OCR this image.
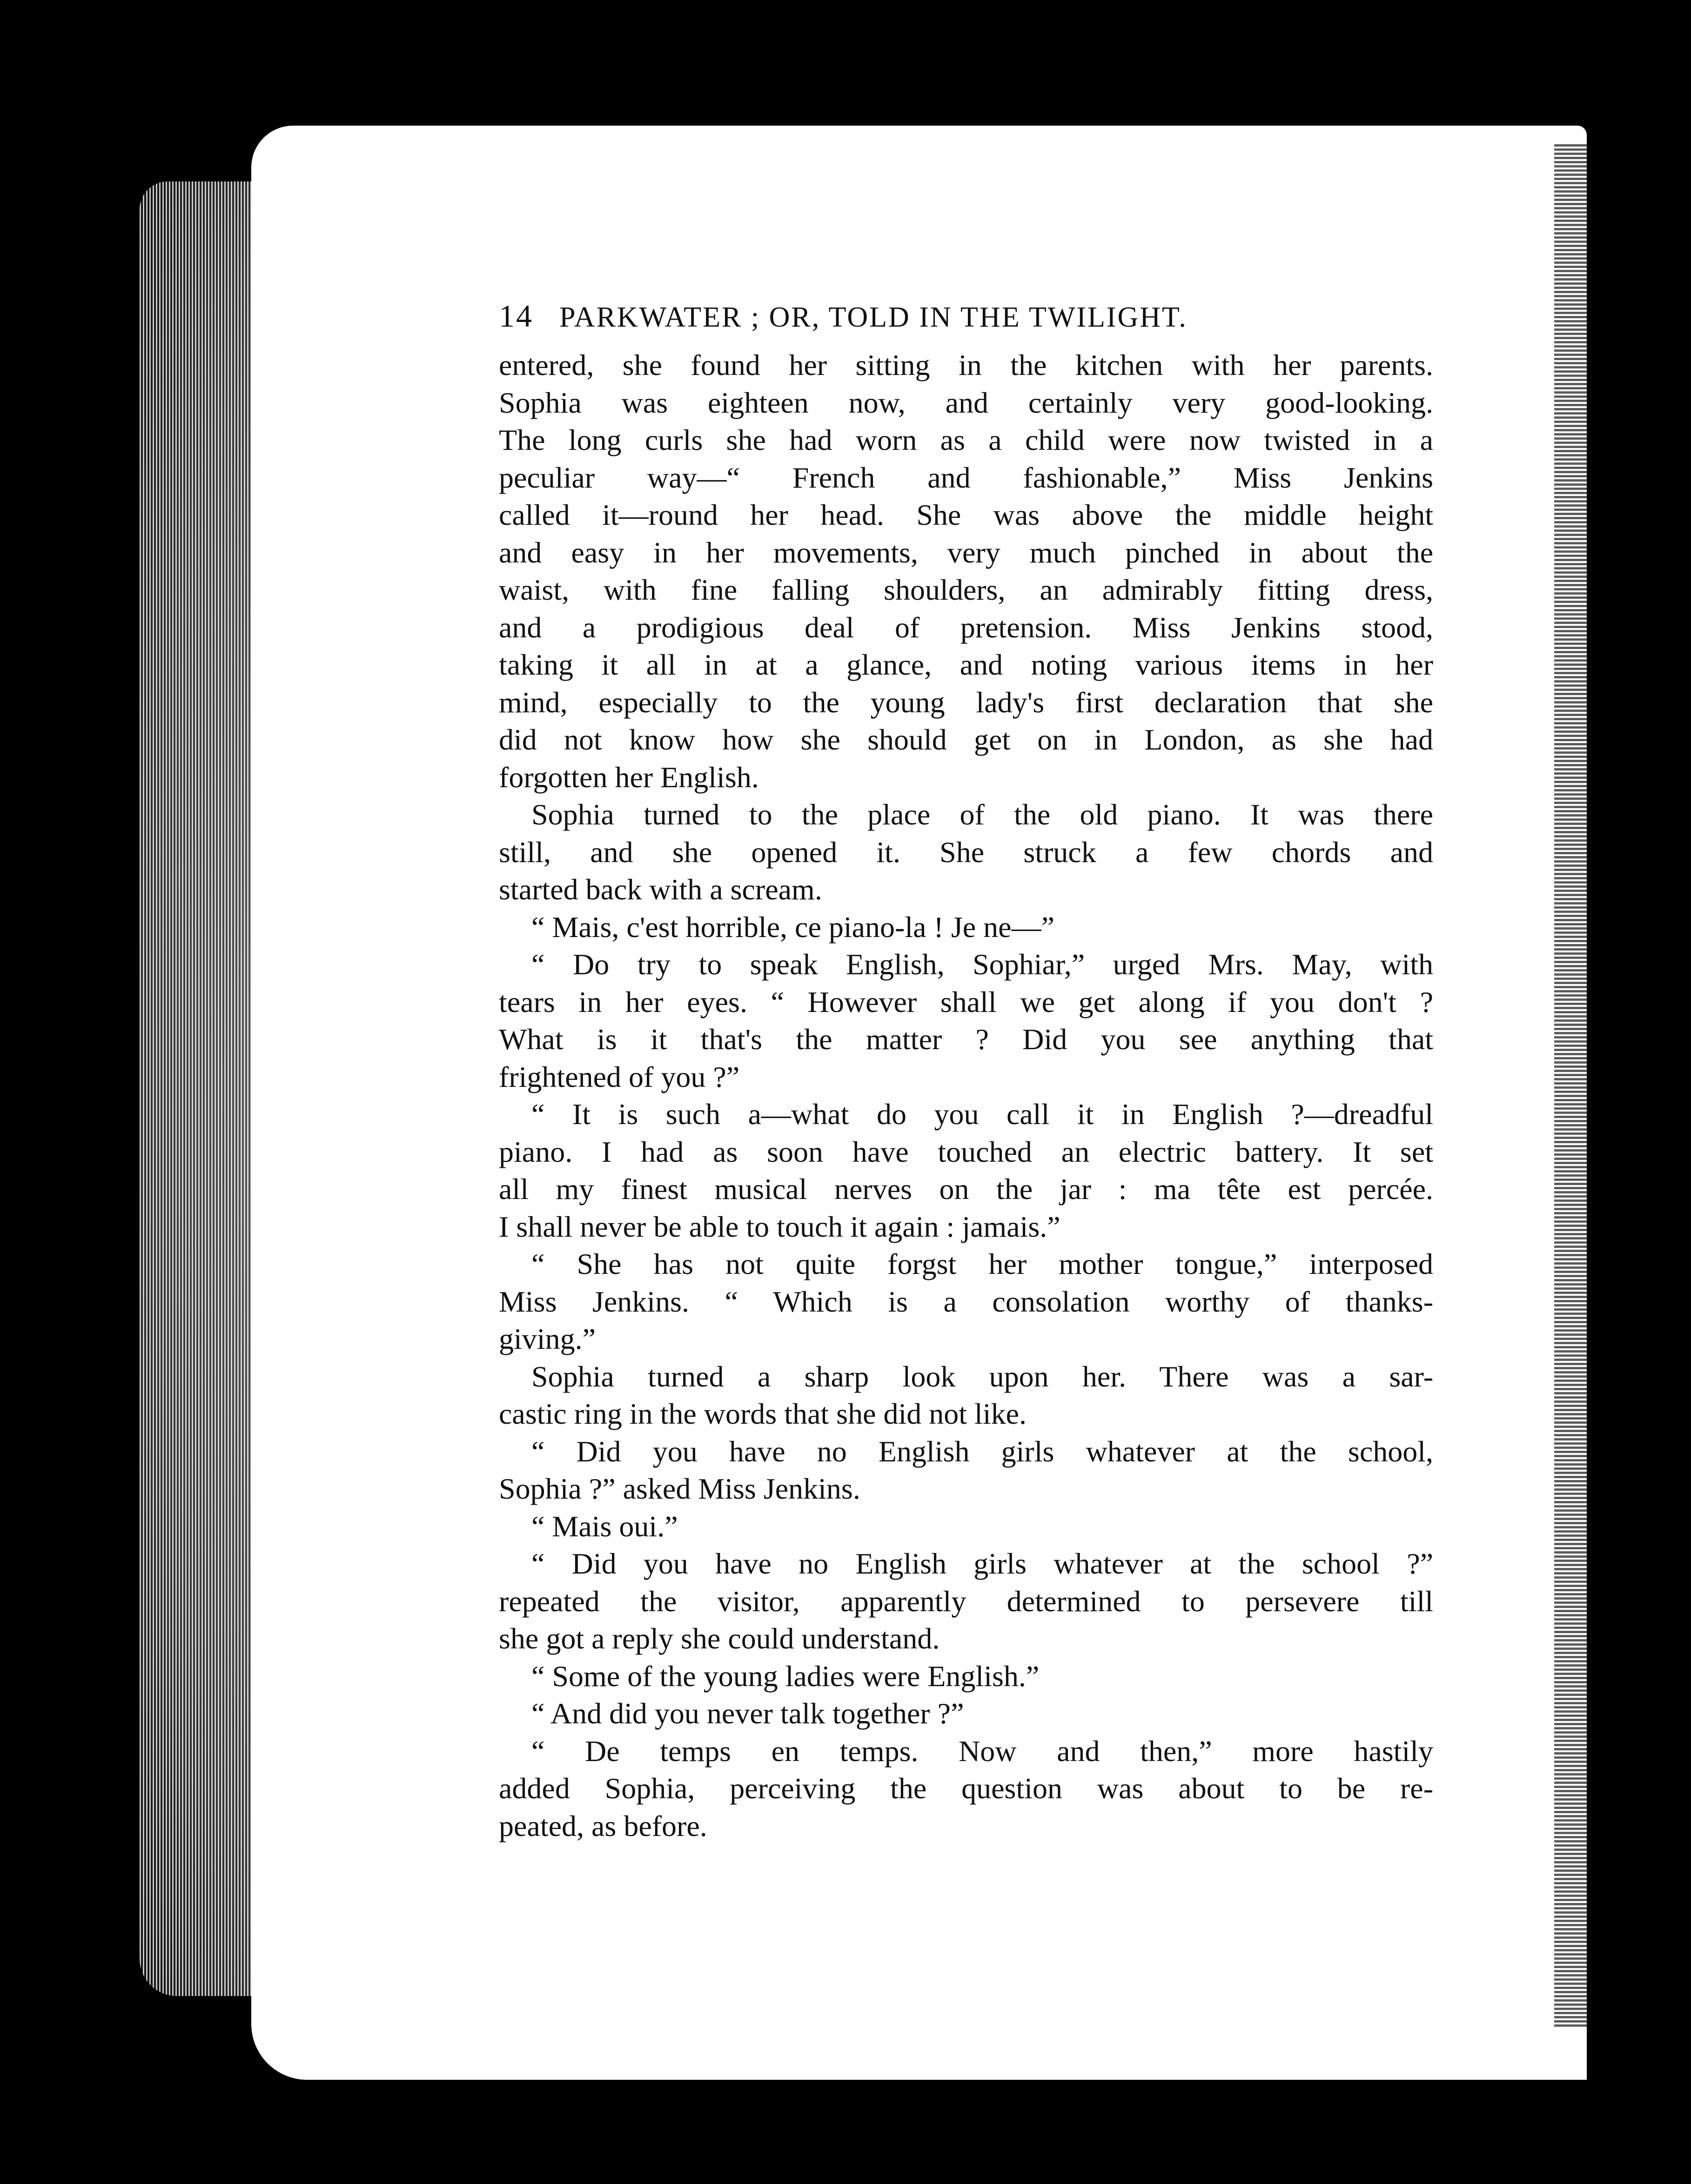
14 PARKWATER ; OR, TOLD IN THE TWILIGHT.
entered, she found her sitting in the kitchen with her parents.
Sophia was eighteen now, and certainly very good-looking.
The long curls she had worn as a child were now twisted in a
peculiar way—“ French and fashionable,” Miss Jenkins
called it—round her head. She was above the middle height
and easy in her movements, very much pinched in about the
waist, with fine falling shoulders, an admirably fitting dress,
and a prodigious deal of pretension. Miss Jenkins stood,
taking it all in at a glance, and noting various items in her
mind, especially to the young lady's first declaration that she
did not know how she should get on in London, as she had
forgotten her English.
Sophia turned to the place of the old piano. It was there
still, and she opened it. She struck a few chords and
started back with a scream.
“ Mais, c'est horrible, ce piano-la ! Je ne—”
“ Do try to speak English, Sophiar,” urged Mrs. May, with
tears in her eyes. “ However shall we get along if you don't ?
What is it that's the matter ? Did you see anything that
frightened of you ?”
“ It is such a—what do you call it in English ?—dreadful
piano. I had as soon have touched an electric battery. It set
all my finest musical nerves on the jar : ma tête est percée.
I shall never be able to touch it again : jamais.”
“ She has not quite forgst her mother tongue,” interposed
Miss Jenkins. “ Which is a consolation worthy of thanks-
giving.”
Sophia turned a sharp look upon her. There was a sar-
castic ring in the words that she did not like.
“ Did you have no English girls whatever at the school,
Sophia ?” asked Miss Jenkins.
“ Mais oui.”
“ Did you have no English girls whatever at the school ?”
repeated the visitor, apparently determined to persevere till
she got a reply she could understand.
“ Some of the young ladies were English.”
“ And did you never talk together ?”
“ De temps en temps. Now and then,” more hastily
added Sophia, perceiving the question was about to be re-
peated, as before.
